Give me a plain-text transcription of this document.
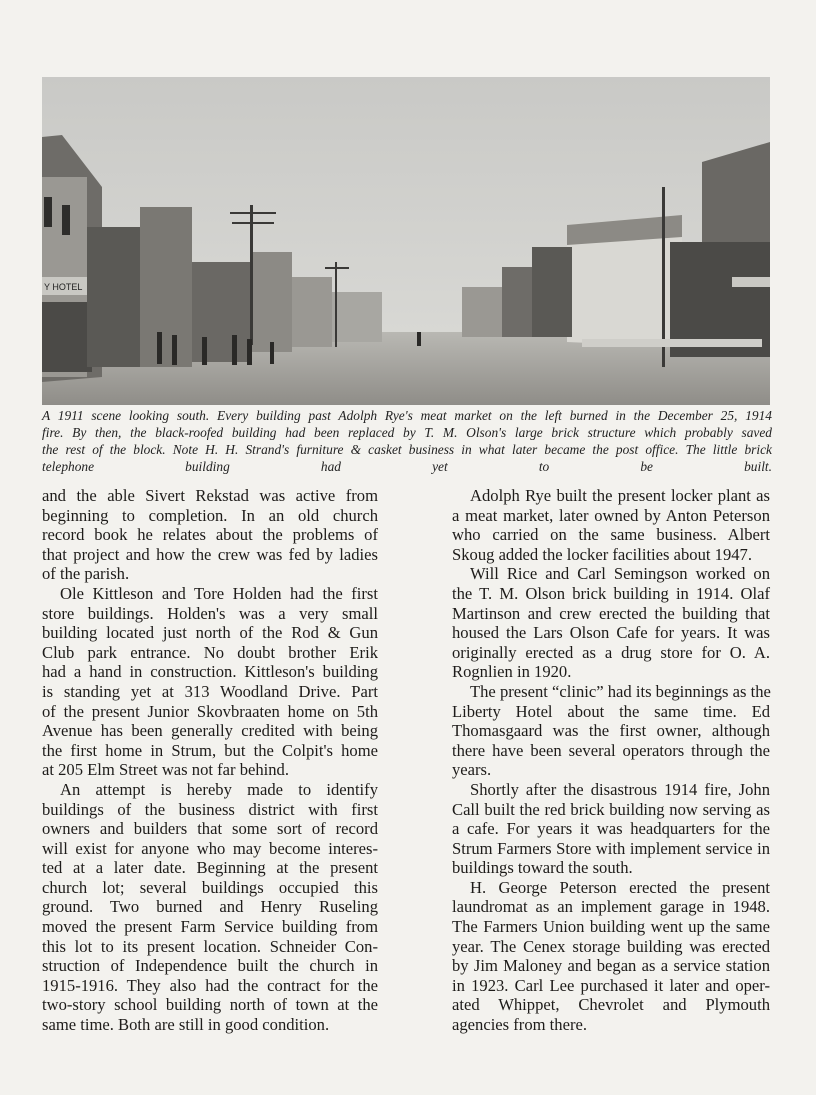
Y HOTEL
A 1911 scene looking south. Every building past Adolph Rye's meat market on the left burned in the December 25, 1914
fire. By then, the black-roofed building had been replaced by T. M. Olson's large brick structure which probably saved
the rest of the block. Note H. H. Strand's furniture & casket business in what later became the post office. The little brick
telephone building had yet to be built.
and the able Sivert Rekstad was active from
beginning to completion. In an old church
record book he relates about the problems of
that project and how the crew was fed by ladies
of the parish.
Ole Kittleson and Tore Holden had the first
store buildings. Holden's was a very small
building located just north of the Rod & Gun
Club park entrance. No doubt brother Erik
had a hand in construction. Kittleson's building
is standing yet at 313 Woodland Drive. Part
of the present Junior Skovbraaten home on 5th
Avenue has been generally credited with being
the first home in Strum, but the Colpit's home
at 205 Elm Street was not far behind.
An attempt is hereby made to identify
buildings of the business district with first
owners and builders that some sort of record
will exist for anyone who may become interes-
ted at a later date. Beginning at the present
church lot; several buildings occupied this
ground. Two burned and Henry Ruseling
moved the present Farm Service building from
this lot to its present location. Schneider Con-
struction of Independence built the church in
1915-1916. They also had the contract for the
two-story school building north of town at the
same time. Both are still in good condition.
Adolph Rye built the present locker plant as
a meat market, later owned by Anton Peterson
who carried on the same business. Albert
Skoug added the locker facilities about 1947.
Will Rice and Carl Semingson worked on
the T. M. Olson brick building in 1914. Olaf
Martinson and crew erected the building that
housed the Lars Olson Cafe for years. It was
originally erected as a drug store for O. A.
Rognlien in 1920.
The present “clinic” had its beginnings as the
Liberty Hotel about the same time. Ed
Thomasgaard was the first owner, although
there have been several operators through the
years.
Shortly after the disastrous 1914 fire, John
Call built the red brick building now serving as
a cafe. For years it was headquarters for the
Strum Farmers Store with implement service in
buildings toward the south.
H. George Peterson erected the present
laundromat as an implement garage in 1948.
The Farmers Union building went up the same
year. The Cenex storage building was erected
by Jim Maloney and began as a service station
in 1923. Carl Lee purchased it later and oper-
ated Whippet, Chevrolet and Plymouth
agencies from there.
